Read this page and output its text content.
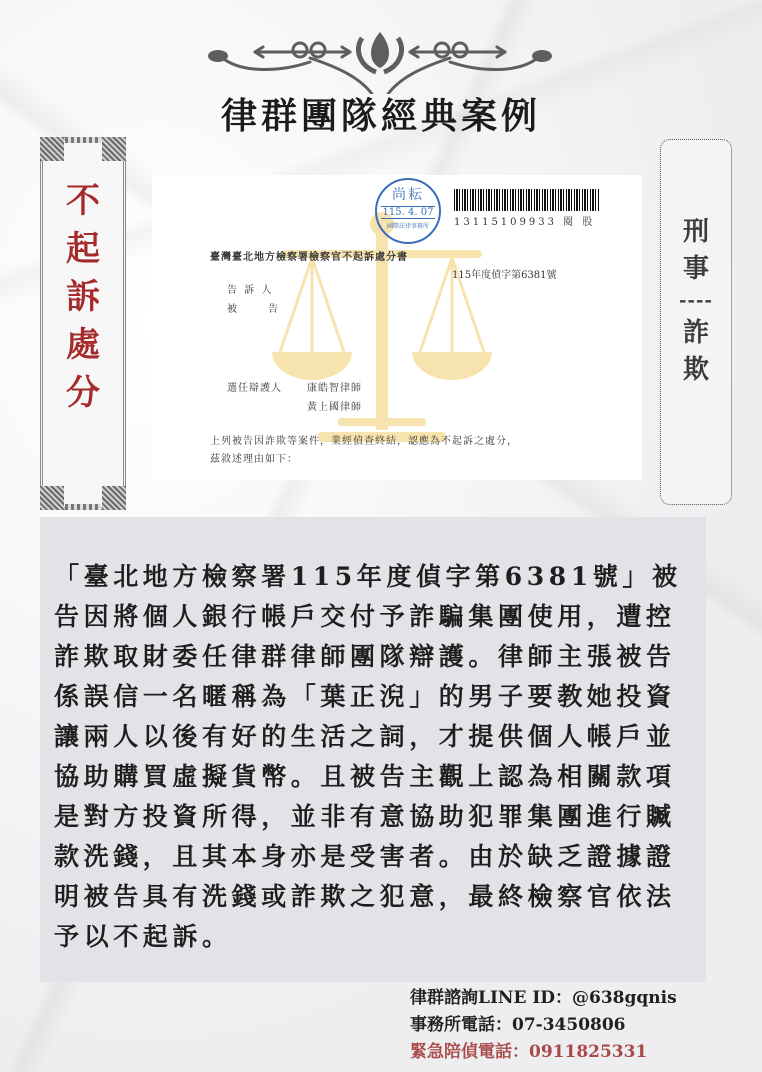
律群團隊經典案例
不
起
訴
處
分
尚耘
115. 4. 07
國際法律事務所	13115109933 閱 股
臺灣臺北地方檢察署檢察官不起訴處分書
115年度偵字第6381號
告 訴 人
被　　 告
選任辯護人	康皓智律師
黃上國律師
上列被告因詐欺等案件，業經偵查終結，認應為不起訴之處分，
茲敘述理由如下：
刑
事
----
詐
欺
「臺北地方檢察署115年度偵字第6381號」被告因將個人銀行帳戶交付予詐騙集團使用，遭控詐欺取財委任律群律師團隊辯護。律師主張被告係誤信一名暱稱為「葉正淣」的男子要教她投資讓兩人以後有好的生活之詞，才提供個人帳戶並協助購買虛擬貨幣。且被告主觀上認為相關款項是對方投資所得，並非有意協助犯罪集團進行贓款洗錢，且其本身亦是受害者。由於缺乏證據證明被告具有洗錢或詐欺之犯意，最終檢察官依法予以不起訴。
律群諮詢LINE ID：@638gqnis
事務所電話：07-3450806
緊急陪偵電話：0911825331
